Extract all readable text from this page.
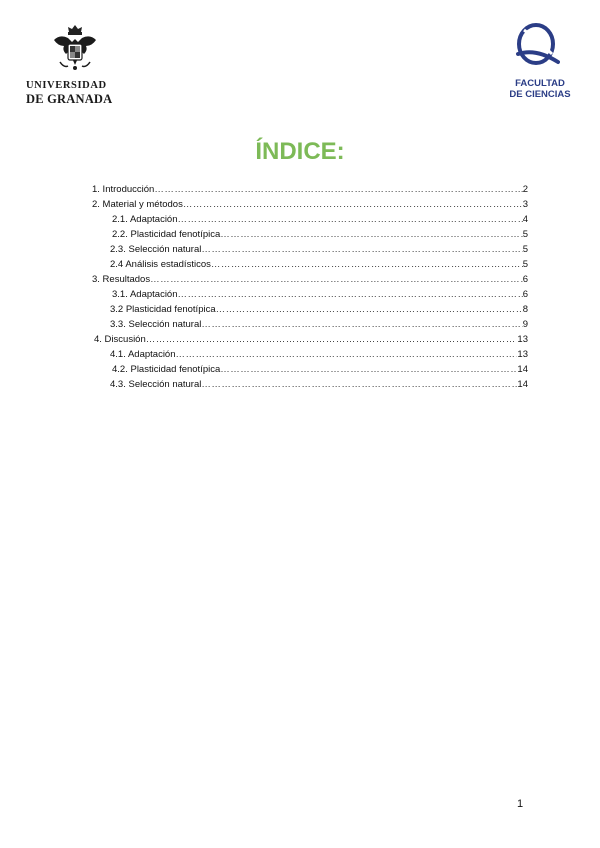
UNIVERSIDAD
DE GRANADA
FACULTAD
DE CIENCIAS
ÍNDICE:
1. Introducción …………………………………………………………………………………………………………………………………………………………………………	2
2. Material y métodos …………………………………………………………………………………………………………………………………………………………………………	3
2.1. Adaptación …………………………………………………………………………………………………………………………………………………………………………	4
2.2. Plasticidad fenotípica …………………………………………………………………………………………………………………………………………………………………………	5
2.3. Selección natural …………………………………………………………………………………………………………………………………………………………………………	5
2.4 Análisis estadísticos …………………………………………………………………………………………………………………………………………………………………………	5
3. Resultados …………………………………………………………………………………………………………………………………………………………………………	6
3.1. Adaptación …………………………………………………………………………………………………………………………………………………………………………	6
3.2 Plasticidad fenotípica …………………………………………………………………………………………………………………………………………………………………………	8
3.3. Selección natural …………………………………………………………………………………………………………………………………………………………………………	9
4. Discusión …………………………………………………………………………………………………………………………………………………………………………	13
4.1. Adaptación …………………………………………………………………………………………………………………………………………………………………………	13
4.2. Plasticidad fenotípica …………………………………………………………………………………………………………………………………………………………………………	14
4.3. Selección natural …………………………………………………………………………………………………………………………………………………………………………	14
1
